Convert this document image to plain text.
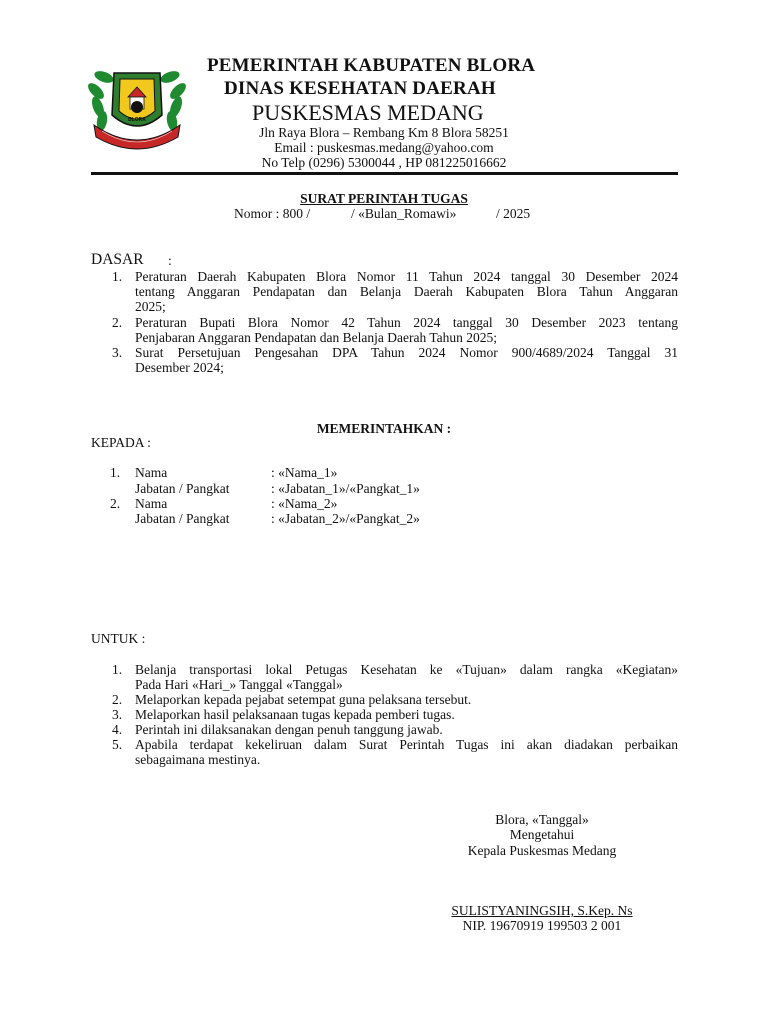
BLORA
PEMERINTAH KABUPATEN BLORA
DINAS KESEHATAN DAERAH
PUSKESMAS MEDANG
Jln Raya Blora – Rembang Km 8 Blora 58251
Email : puskesmas.medang@yahoo.com
No Telp (0296) 5300044 , HP 081225016662
SURAT PERINTAH TUGAS
Nomor : 800 /	/ «Bulan_Romawi»	/ 2025
DASAR :
1. Peraturan Daerah Kabupaten Blora Nomor 11 Tahun 2024 tanggal 30 Desember 2024
tentang Anggaran Pendapatan dan Belanja Daerah Kabupaten Blora Tahun Anggaran
2025;
2. Peraturan Bupati Blora Nomor 42 Tahun 2024 tanggal 30 Desember 2023 tentang
Penjabaran Anggaran Pendapatan dan Belanja Daerah Tahun 2025;
3. Surat Persetujuan Pengesahan DPA Tahun 2024 Nomor 900/4689/2024 Tanggal 31
Desember 2024;
MEMERINTAHKAN :
KEPADA :
1. Nama	: «Nama_1»
Jabatan / Pangkat	: «Jabatan_1»/«Pangkat_1»
2. Nama	: «Nama_2»
Jabatan / Pangkat	: «Jabatan_2»/«Pangkat_2»
UNTUK :
1. Belanja transportasi lokal Petugas Kesehatan ke «Tujuan» dalam rangka «Kegiatan»
Pada Hari «Hari_» Tanggal «Tanggal»
2. Melaporkan kepada pejabat setempat guna pelaksana tersebut.
3. Melaporkan hasil pelaksanaan tugas kepada pemberi tugas.
4. Perintah ini dilaksanakan dengan penuh tanggung jawab.
5. Apabila terdapat kekeliruan dalam Surat Perintah Tugas ini akan diadakan perbaikan
sebagaimana mestinya.
Blora, «Tanggal»
Mengetahui
Kepala Puskesmas Medang
SULISTYANINGSIH, S.Kep. Ns
NIP. 19670919 199503 2 001
